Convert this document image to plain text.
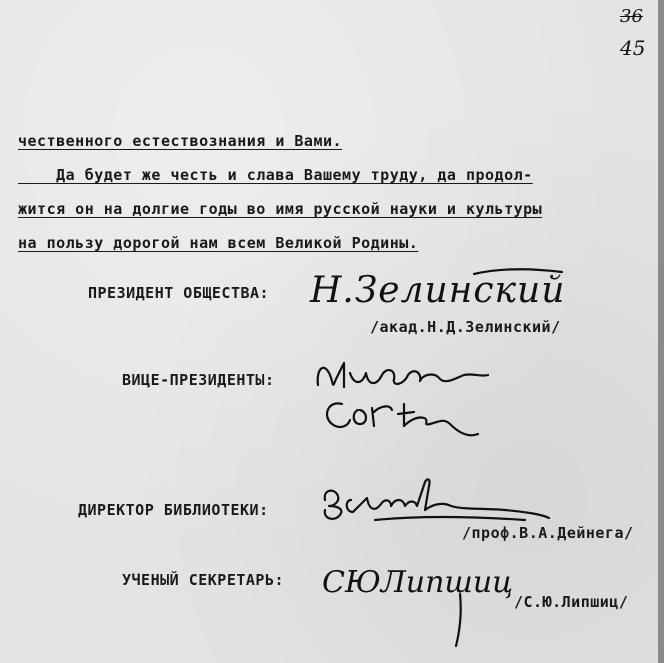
36
45
чественного естествознания и Вами.
Да будет же честь и слава Вашему труду, да продол-
жится он на долгие годы во имя русской науки и культуры
на пользу дорогой нам всем Великой Родины.
ПРЕЗИДЕНТ ОБЩЕСТВА: Н.Зелинский
/акад.Н.Д.Зелинский/
ВИЦЕ-ПРЕЗИДЕНТЫ:
ДИРЕКТОР БИБЛИОТЕКИ:
/проф.В.А.Дейнега/
УЧЕНЫЙ СЕКРЕТАРЬ: СЮЛипшиц
/С.Ю.Липшиц/
